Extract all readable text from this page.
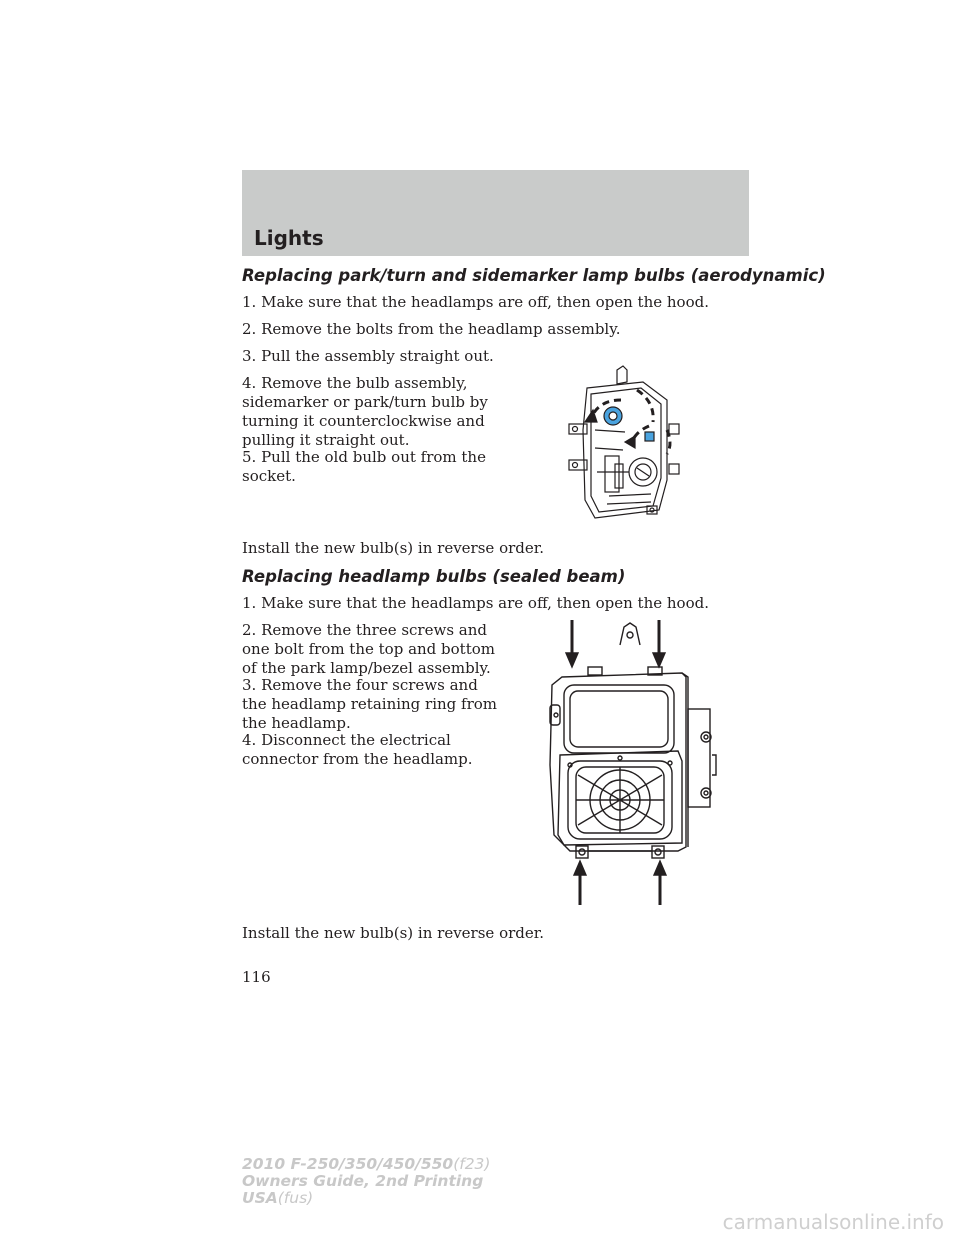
Lights
Replacing park/turn and sidemarker lamp bulbs (aerodynamic)

1. Make sure that the headlamps are off, then open the hood.

2. Remove the bolts from the headlamp assembly.

3. Pull the assembly straight out.

4. Remove the bulb assembly, sidemarker or park/turn bulb by turning it counterclockwise and pulling it straight out.

5. Pull the old bulb out from the socket.

Install the new bulb(s) in reverse order.

Replacing headlamp bulbs (sealed beam)

1. Make sure that the headlamps are off, then open the hood.

2. Remove the three screws and one bolt from the top and bottom of the park lamp/bezel assembly.

3. Remove the four screws and the headlamp retaining ring from the headlamp.

4. Disconnect the electrical connector from the headlamp.

Install the new bulb(s) in reverse order.

116
2010 F-250/350/450/550(f23)
Owners Guide, 2nd Printing
USA(fus)
carmanualsonline.info
